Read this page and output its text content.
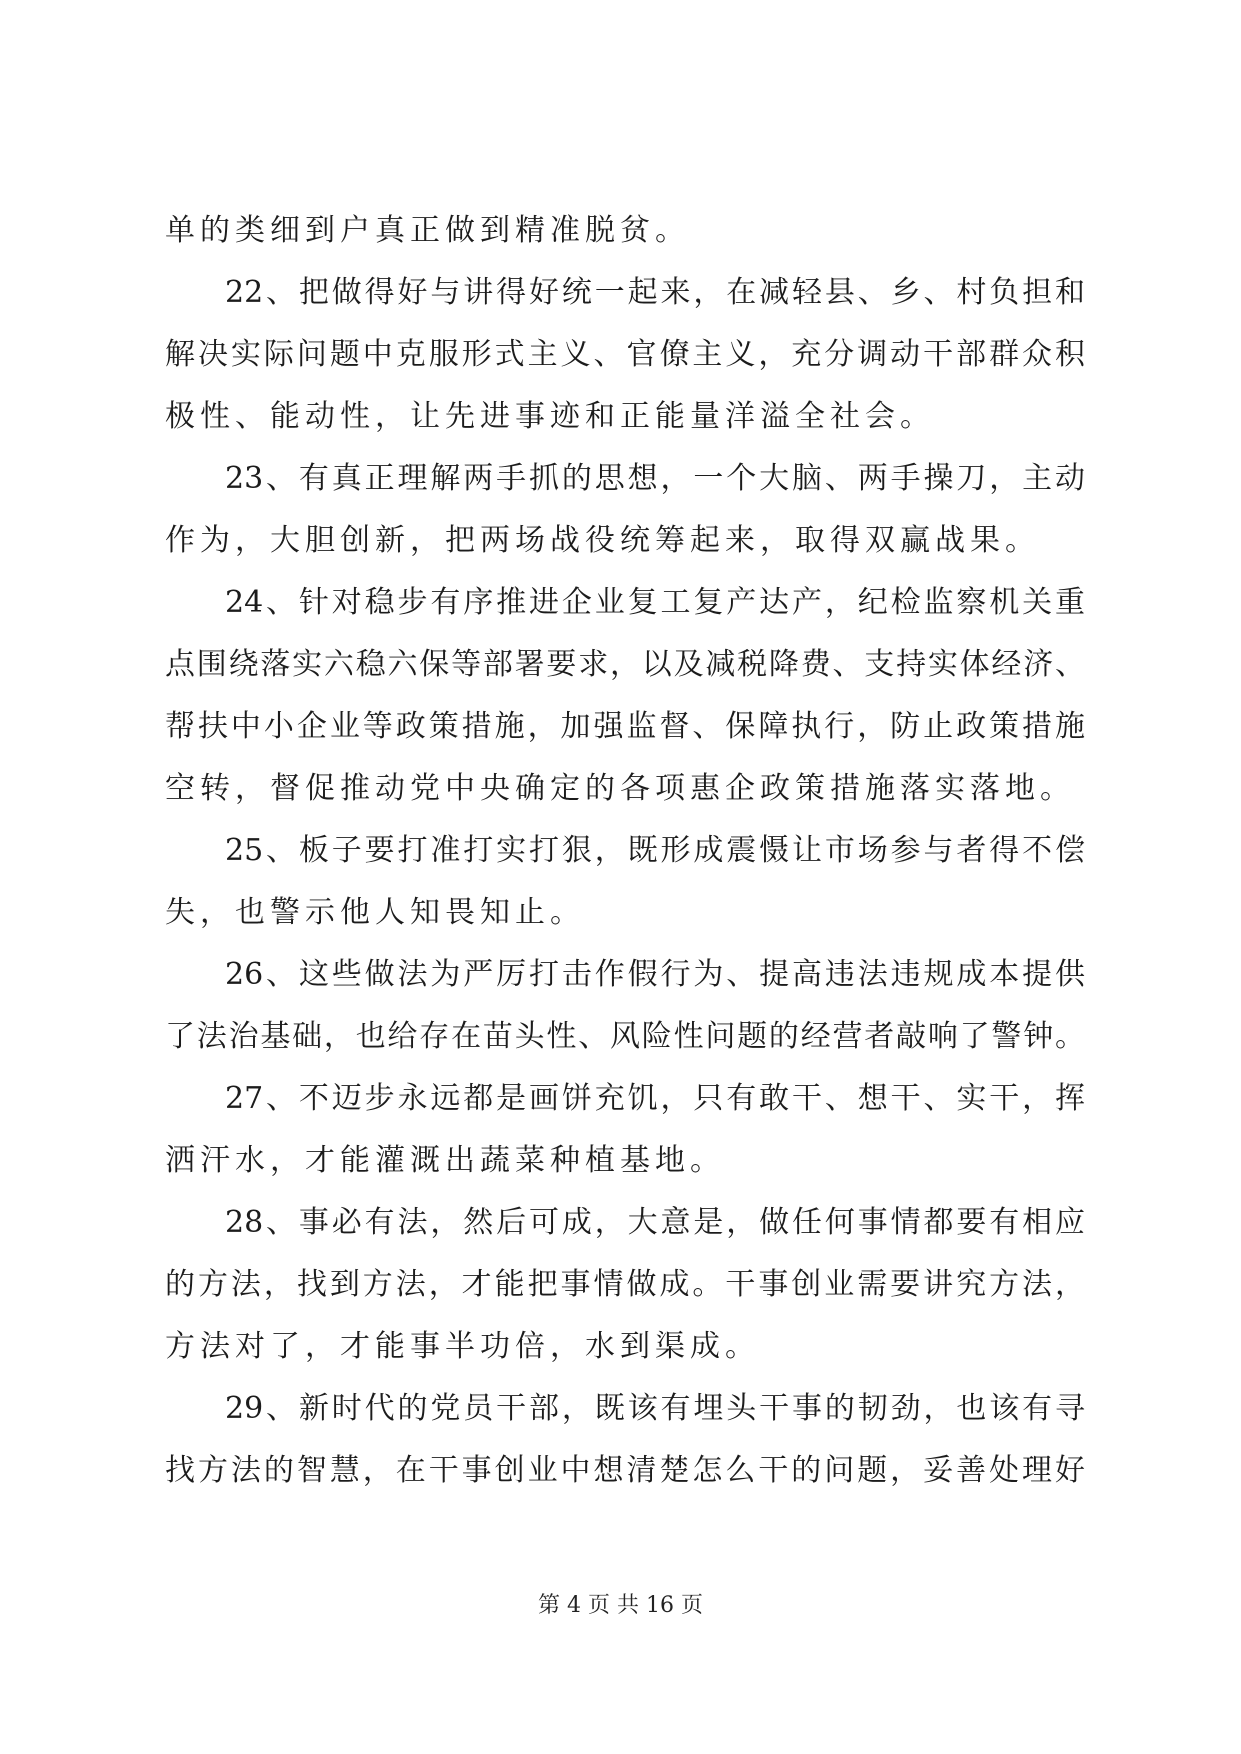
单的类细到户真正做到精准脱贫。
22、把做得好与讲得好统一起来，在减轻县、乡、村负担和
解决实际问题中克服形式主义、官僚主义，充分调动干部群众积
极性、能动性，让先进事迹和正能量洋溢全社会。
23、有真正理解两手抓的思想，一个大脑、两手操刀，主动
作为，大胆创新，把两场战役统筹起来，取得双赢战果。
24、针对稳步有序推进企业复工复产达产，纪检监察机关重
点围绕落实六稳六保等部署要求，以及减税降费、支持实体经济、
帮扶中小企业等政策措施，加强监督、保障执行，防止政策措施
空转，督促推动党中央确定的各项惠企政策措施落实落地。
25、板子要打准打实打狠，既形成震慑让市场参与者得不偿
失，也警示他人知畏知止。
26、这些做法为严厉打击作假行为、提高违法违规成本提供
了法治基础，也给存在苗头性、风险性问题的经营者敲响了警钟。
27、不迈步永远都是画饼充饥，只有敢干、想干、实干，挥
洒汗水，才能灌溉出蔬菜种植基地。
28、事必有法，然后可成，大意是，做任何事情都要有相应
的方法，找到方法，才能把事情做成。干事创业需要讲究方法，
方法对了，才能事半功倍，水到渠成。
29、新时代的党员干部，既该有埋头干事的韧劲，也该有寻
找方法的智慧，在干事创业中想清楚怎么干的问题，妥善处理好
第 4 页 共 16 页
